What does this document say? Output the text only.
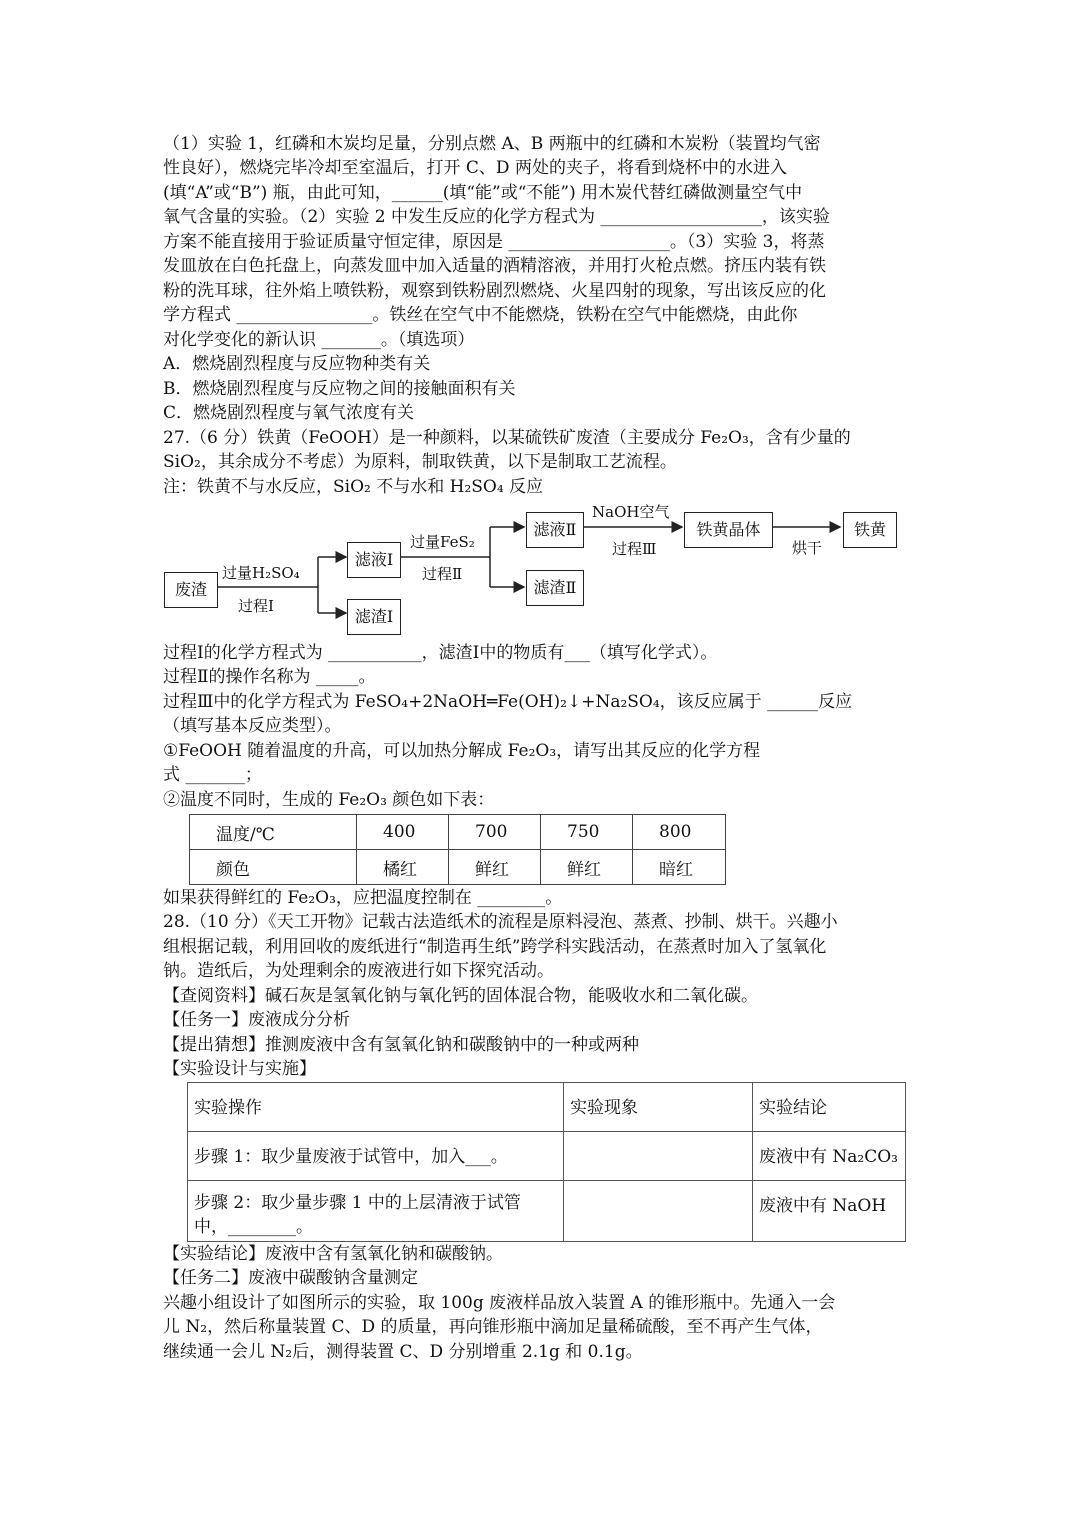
（1）实验 1，红磷和木炭均足量，分别点燃 A、B 两瓶中的红磷和木炭粉（装置均气密
性良好），燃烧完毕冷却至室温后，打开 C、D 两处的夹子，将看到烧杯中的水进入
(填“A”或“B”) 瓶，由此可知，______(填“能”或“不能”) 用木炭代替红磷做测量空气中
氧气含量的实验。（2）实验 2 中发生反应的化学方程式为 ___________________，该实验
方案不能直接用于验证质量守恒定律，原因是 ___________________。（3）实验 3，将蒸
发皿放在白色托盘上，向蒸发皿中加入适量的酒精溶液，并用打火枪点燃。挤压内装有铁
粉的洗耳球，往外焰上喷铁粉，观察到铁粉剧烈燃烧、火星四射的现象，写出该反应的化
学方程式 ________________。铁丝在空气中不能燃烧，铁粉在空气中能燃烧，由此你
对化学变化的新认识 _______。（填选项）
A．燃烧剧烈程度与反应物种类有关
B．燃烧剧烈程度与反应物之间的接触面积有关
C．燃烧剧烈程度与氧气浓度有关
27.（6 分）铁黄（FeOOH）是一种颜料，以某硫铁矿废渣（主要成分 Fe₂O₃，含有少量的
SiO₂，其余成分不考虑）为原料，制取铁黄，以下是制取工艺流程。
注：铁黄不与水反应，SiO₂ 不与水和 H₂SO₄ 反应
废渣
滤液Ⅰ
滤渣Ⅰ
滤液Ⅱ
滤渣Ⅱ
铁黄晶体	铁黄
过量H₂SO₄
过程Ⅰ
过量FeS₂
过程Ⅱ
NaOH空气
过程Ⅲ	烘干
过程Ⅰ的化学方程式为 ___________，滤渣Ⅰ中的物质有___（填写化学式）。
过程Ⅱ的操作名称为 _____。
过程Ⅲ中的化学方程式为 FeSO₄+2NaOH═Fe(OH)₂↓+Na₂SO₄，该反应属于 ______反应
（填写基本反应类型）。
①FeOOH 随着温度的升高，可以加热分解成 Fe₂O₃，请写出其反应的化学方程
式 _______；
②温度不同时，生成的 Fe₂O₃ 颜色如下表：
温度/℃	400	700	750	800
颜色	橘红	鲜红	鲜红	暗红
如果获得鲜红的 Fe₂O₃，应把温度控制在 ________。
28.（10 分）《天工开物》记载古法造纸术的流程是原料浸泡、蒸煮、抄制、烘干。兴趣小
组根据记载，利用回收的废纸进行“制造再生纸”跨学科实践活动，在蒸煮时加入了氢氧化
钠。造纸后，为处理剩余的废液进行如下探究活动。
【查阅资料】碱石灰是氢氧化钠与氧化钙的固体混合物，能吸收水和二氧化碳。
【任务一】废液成分分析
【提出猜想】推测废液中含有氢氧化钠和碳酸钠中的一种或两种
【实验设计与实施】
实验操作	实验现象	实验结论
步骤 1：取少量废液于试管中，加入___。		废液中有 Na₂CO₃
步骤 2：取少量步骤 1 中的上层清液于试管
中，________。		废液中有 NaOH
【实验结论】废液中含有氢氧化钠和碳酸钠。
【任务二】废液中碳酸钠含量测定
兴趣小组设计了如图所示的实验，取 100g 废液样品放入装置 A 的锥形瓶中。先通入一会
儿 N₂，然后称量装置 C、D 的质量，再向锥形瓶中滴加足量稀硫酸，至不再产生气体，
继续通一会儿 N₂后，测得装置 C、D 分别增重 2.1g 和 0.1g。
